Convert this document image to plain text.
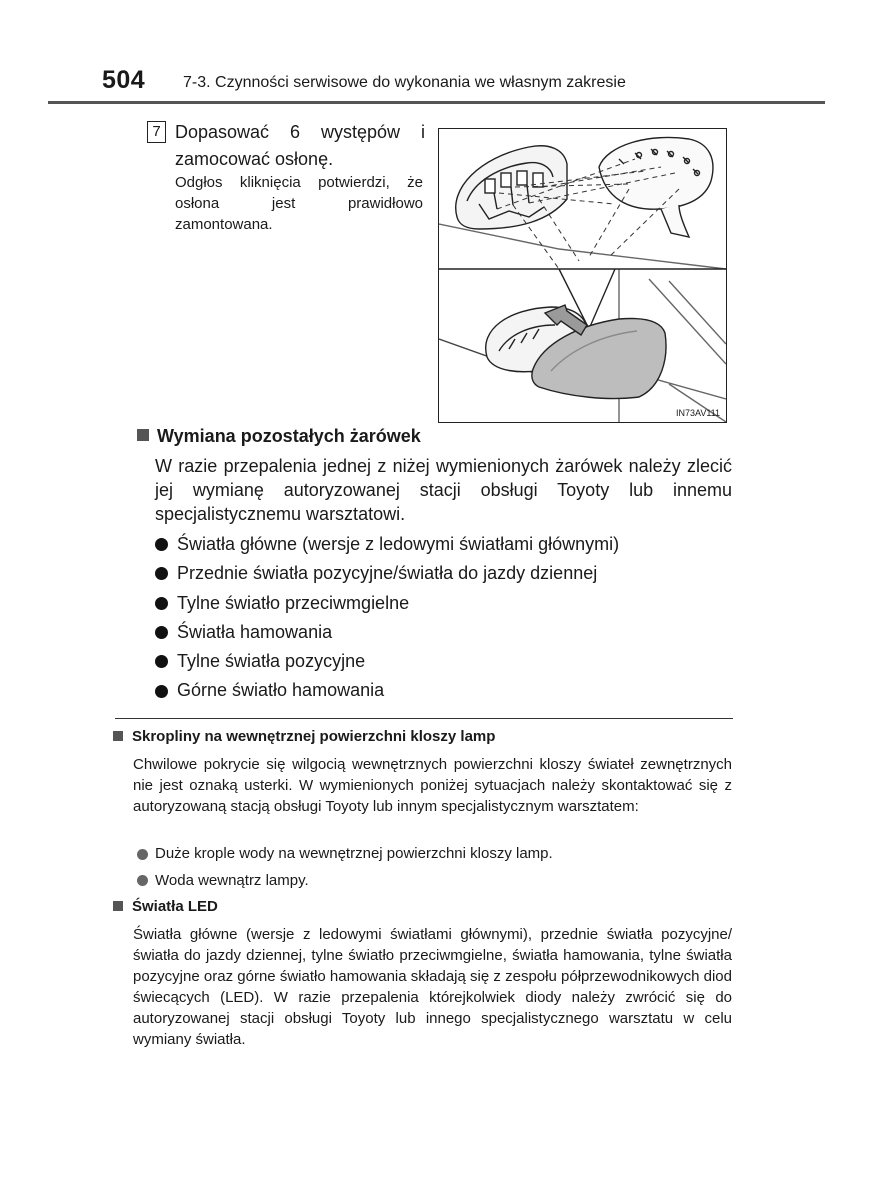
504 7-3. Czynności serwisowe do wykonania we własnym zakresie
7 Dopasować 6 występów i zamocować osłonę.
Odgłos kliknięcia potwierdzi, że osłona jest prawidłowo zamontowana.
IN73AV111
Wymiana pozostałych żarówek
W razie przepalenia jednej z niżej wymienionych żarówek należy zlecić jej wymianę autoryzowanej stacji obsługi Toyoty lub innemu specjalistycznemu warsztatowi.
Światła główne (wersje z ledowymi światłami głównymi)
Przednie światła pozycyjne/światła do jazdy dziennej
Tylne światło przeciwmgielne
Światła hamowania
Tylne światła pozycyjne
Górne światło hamowania
Skropliny na wewnętrznej powierzchni kloszy lamp
Chwilowe pokrycie się wilgocią wewnętrznych powierzchni kloszy świateł zewnętrznych nie jest oznaką usterki. W wymienionych poniżej sytuacjach należy skontaktować się z autoryzowaną stacją obsługi Toyoty lub innym specjalistycznym warsztatem:
Duże krople wody na wewnętrznej powierzchni kloszy lamp.
Woda wewnątrz lampy.
Światła LED
Światła główne (wersje z ledowymi światłami głównymi), przednie światła pozycyjne/światła do jazdy dziennej, tylne światło przeciwmgielne, światła hamowania, tylne światła pozycyjne oraz górne światło hamowania składają się z zespołu półprzewodnikowych diod świecących (LED). W razie przepalenia którejkolwiek diody należy zwrócić się do autoryzowanej stacji obsługi Toyoty lub innego specjalistycznego warsztatu w celu wymiany światła.
